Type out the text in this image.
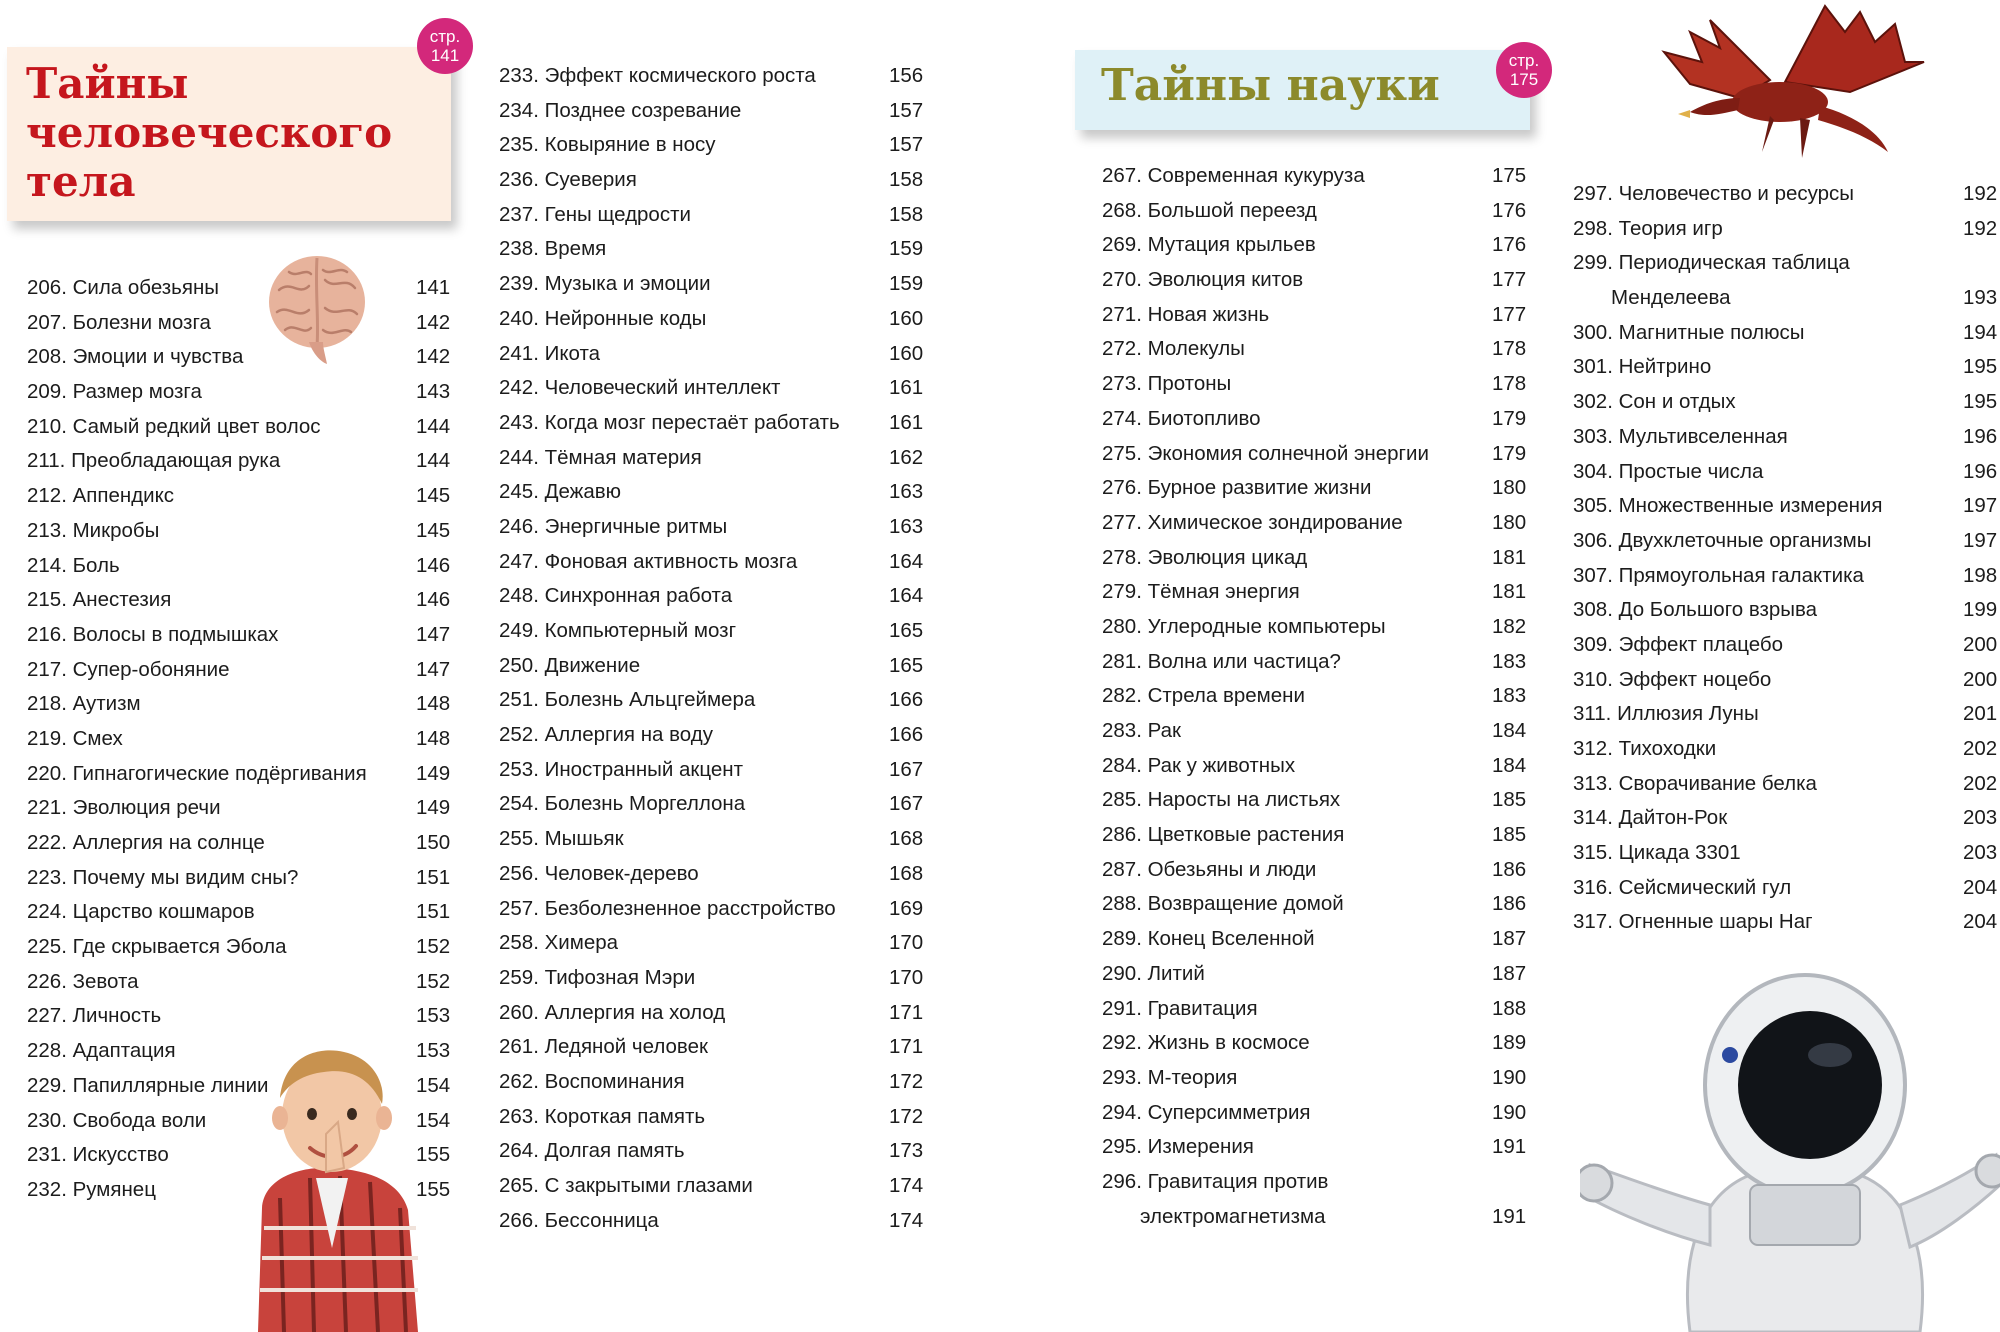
Тайны
человеческого
тела
стр.
141
Тайны науки	стр.
175
206. Сила обезьяны	141
207. Болезни мозга	142
208. Эмоции и чувства	142
209. Размер мозга	143
210. Самый редкий цвет волос	144
211. Преобладающая рука	144
212. Аппендикс	145
213. Микробы	145
214. Боль	146
215. Анестезия	146
216. Волосы в подмышках	147
217. Супер-обоняние	147
218. Аутизм	148
219. Смех	148
220. Гипнагогические подёргивания 149
221. Эволюция речи	149
222. Аллергия на солнце	150
223. Почему мы видим сны?	151
224. Царство кошмаров	151
225. Где скрывается Эбола	152
226. Зевота	152
227. Личность	153
228. Адаптация	153
229. Папиллярные линии	154
230. Свобода воли	154
231. Искусство	155
232. Румянец	155
233. Эффект космического роста	156
234. Позднее созревание	157
235. Ковыряние в носу	157
236. Суеверия	158
237. Гены щедрости	158
238. Время	159
239. Музыка и эмоции	159
240. Нейронные коды	160
241. Икота	160
242. Человеческий интеллект	161
243. Когда мозг перестаёт работать 161
244. Тёмная материя	162
245. Дежавю	163
246. Энергичные ритмы	163
247. Фоновая активность мозга	164
248. Синхронная работа	164
249. Компьютерный мозг	165
250. Движение	165
251. Болезнь Альцгеймера	166
252. Аллергия на воду	166
253. Иностранный акцент	167
254. Болезнь Моргеллона	167
255. Мышьяк	168
256. Человек-дерево	168
257. Безболезненное расстройство	169
258. Химера	170
259. Тифозная Мэри	170
260. Аллергия на холод	171
261. Ледяной человек	171
262. Воспоминания	172
263. Короткая память	172
264. Долгая память	173
265. С закрытыми глазами	174
266. Бессонница	174
267. Современная кукуруза	175
268. Большой переезд	176
269. Мутация крыльев	176
270. Эволюция китов	177
271. Новая жизнь	177
272. Молекулы	178
273. Протоны	178
274. Биотопливо	179
275. Экономия солнечной энергии	179
276. Бурное развитие жизни	180
277. Химическое зондирование	180
278. Эволюция цикад	181
279. Тёмная энергия	181
280. Углеродные компьютеры	182
281. Волна или частица?	183
282. Стрела времени	183
283. Рак	184
284. Рак у животных	184
285. Наросты на листьях	185
286. Цветковые растения	185
287. Обезьяны и люди	186
288. Возвращение домой	186
289. Конец Вселенной	187
290. Литий	187
291. Гравитация	188
292. Жизнь в космосе	189
293. М-теория	190
294. Суперсимметрия	190
295. Измерения	191
296. Гравитация против
электромагнетизма	191
297. Человечество и ресурсы	192
298. Теория игр	192
299. Периодическая таблица
Менделеева	193
300. Магнитные полюсы	194
301. Нейтрино	195
302. Сон и отдых	195
303. Мультивселенная	196
304. Простые числа	196
305. Множественные измерения	197
306. Двухклеточные организмы	197
307. Прямоугольная галактика	198
308. До Большого взрыва	199
309. Эффект плацебо	200
310. Эффект ноцебо	200
311. Иллюзия Луны	201
312. Тихоходки	202
313. Сворачивание белка	202
314. Дайтон-Рок	203
315. Цикада 3301	203
316. Сейсмический гул	204
317. Огненные шары Наг	204
